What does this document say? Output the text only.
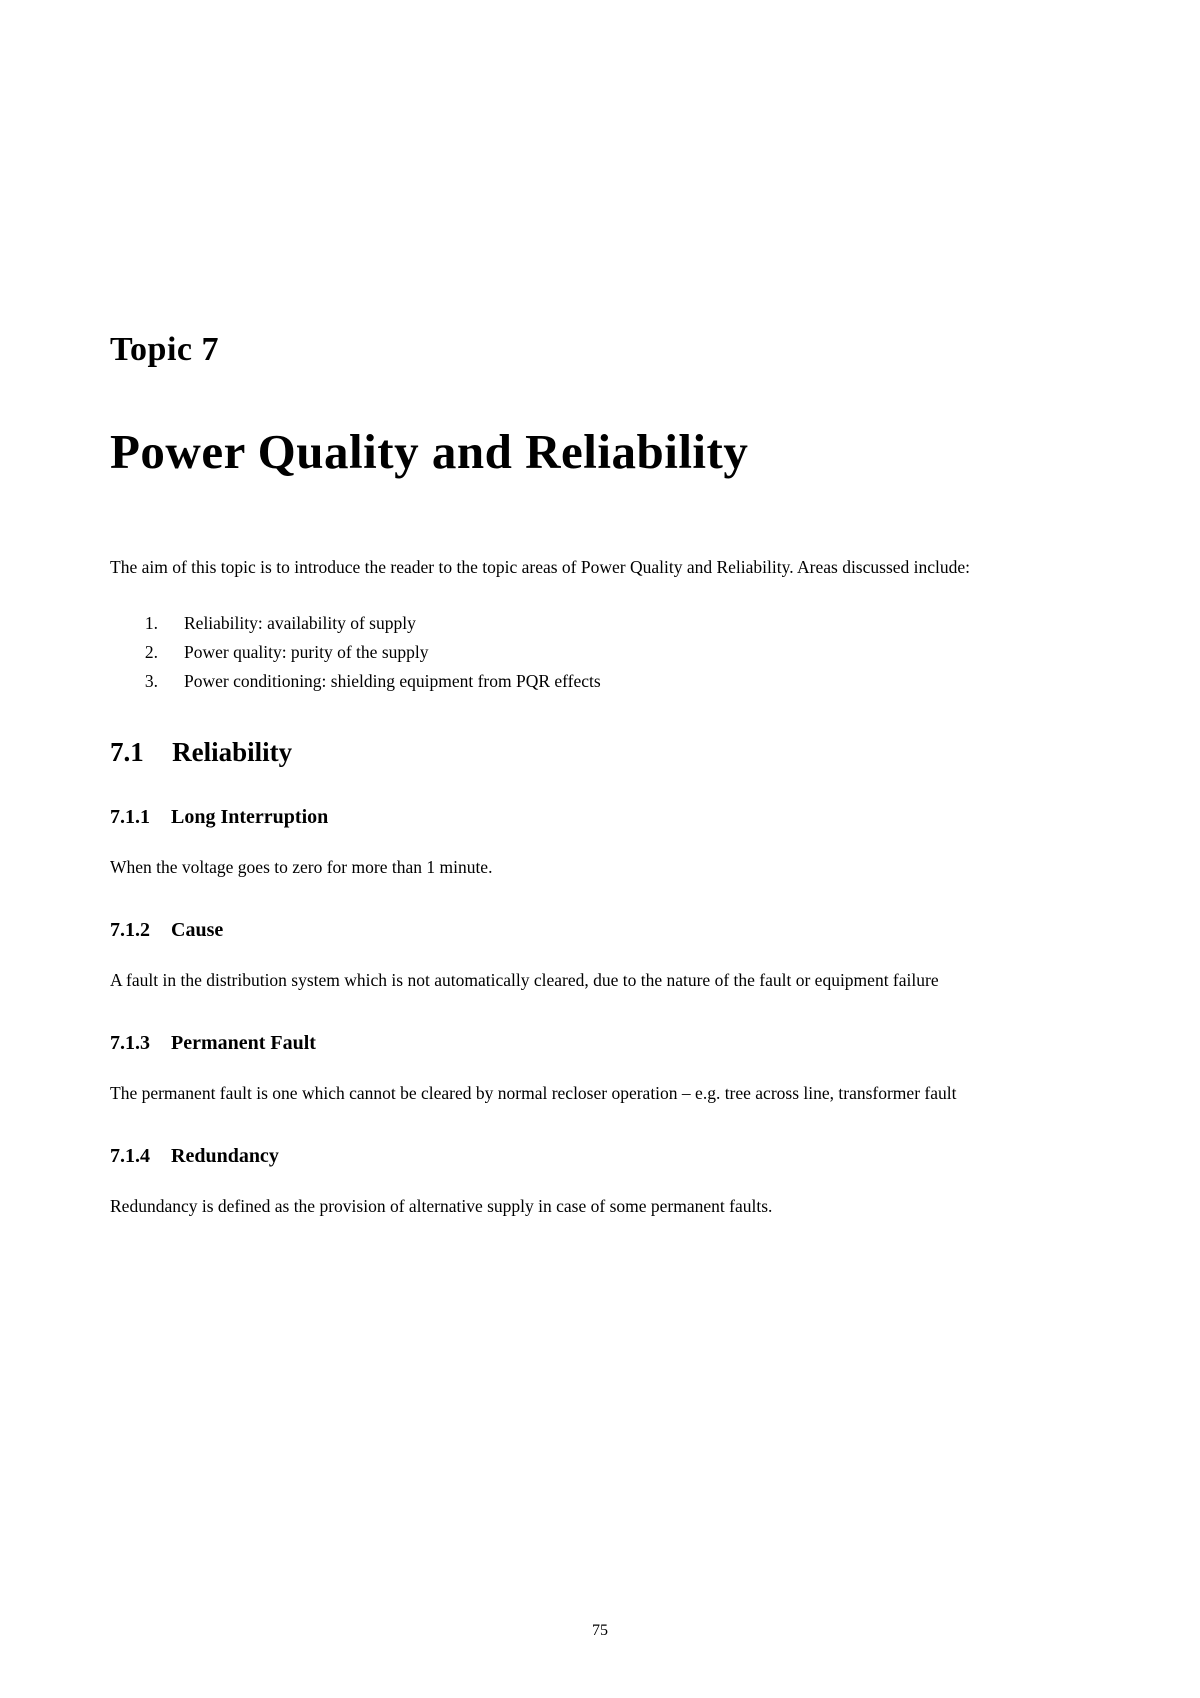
Topic 7
Power Quality and Reliability

The aim of this topic is to introduce the reader to the topic areas of Power Quality and Reliability. Areas discussed include:

1. Reliability: availability of supply
2. Power quality: purity of the supply
3. Power conditioning: shielding equipment from PQR effects
7.1 Reliability
7.1.1 Long Interruption

When the voltage goes to zero for more than 1 minute.

7.1.2 Cause

A fault in the distribution system which is not automatically cleared, due to the nature of the fault or equipment failure

7.1.3 Permanent Fault

The permanent fault is one which cannot be cleared by normal recloser operation – e.g. tree across line, transformer fault

7.1.4 Redundancy

Redundancy is defined as the provision of alternative supply in case of some permanent faults.

75
